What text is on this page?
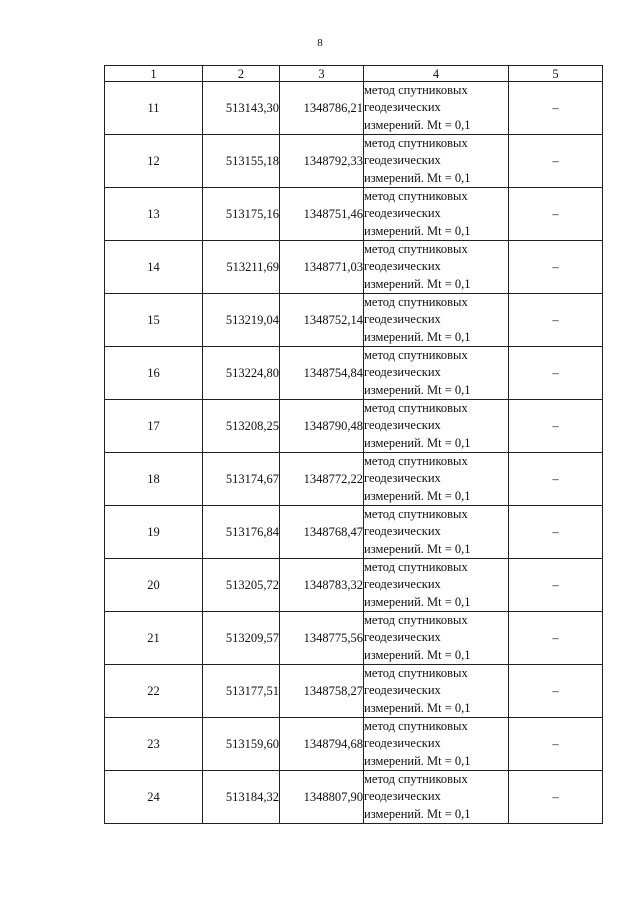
8
1	2	3	4	5
11	513143,30	1348786,21	метод спутниковых
геодезических
измерений. Mt = 0,1	–
12	513155,18	1348792,33	метод спутниковых
геодезических
измерений. Mt = 0,1	–
13	513175,16	1348751,46	метод спутниковых
геодезических
измерений. Mt = 0,1	–
14	513211,69	1348771,03	метод спутниковых
геодезических
измерений. Mt = 0,1	–
15	513219,04	1348752,14	метод спутниковых
геодезических
измерений. Mt = 0,1	–
16	513224,80	1348754,84	метод спутниковых
геодезических
измерений. Mt = 0,1	–
17	513208,25	1348790,48	метод спутниковых
геодезических
измерений. Mt = 0,1	–
18	513174,67	1348772,22	метод спутниковых
геодезических
измерений. Mt = 0,1	–
19	513176,84	1348768,47	метод спутниковых
геодезических
измерений. Mt = 0,1	–
20	513205,72	1348783,32	метод спутниковых
геодезических
измерений. Mt = 0,1	–
21	513209,57	1348775,56	метод спутниковых
геодезических
измерений. Mt = 0,1	–
22	513177,51	1348758,27	метод спутниковых
геодезических
измерений. Mt = 0,1	–
23	513159,60	1348794,68	метод спутниковых
геодезических
измерений. Mt = 0,1	–
24	513184,32	1348807,90	метод спутниковых
геодезических
измерений. Mt = 0,1	–
